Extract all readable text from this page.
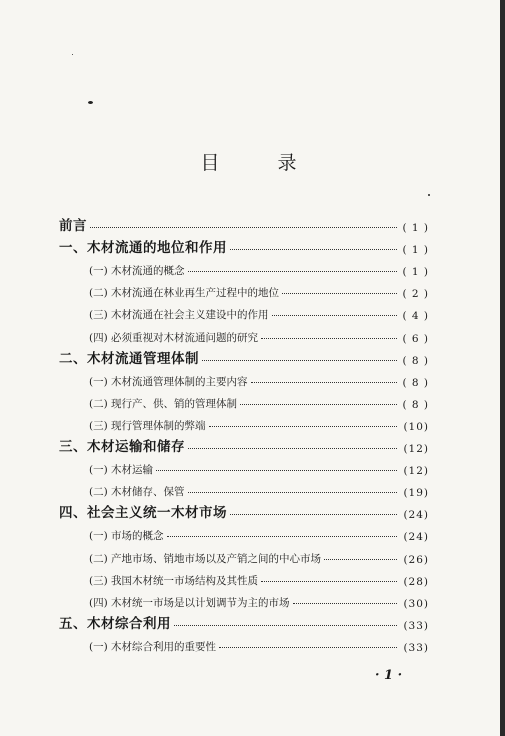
目 录
前言	( 1 )
一、木材流通的地位和作用	( 1 )
(一) 木材流通的概念	( 1 )
(二) 木材流通在林业再生产过程中的地位	( 2 )
(三) 木材流通在社会主义建设中的作用	( 4 )
(四) 必须重视对木材流通问题的研究	( 6 )
二、木材流通管理体制	( 8 )
(一) 木材流通管理体制的主要内容	( 8 )
(二) 现行产、供、销的管理体制	( 8 )
(三) 现行管理体制的弊端	(10)
三、木材运输和储存	(12)
(一) 木材运输	(12)
(二) 木材储存、保管	(19)
四、社会主义统一木材市场	(24)
(一) 市场的概念	(24)
(二) 产地市场、销地市场以及产销之间的中心市场	(26)
(三) 我国木材统一市场结构及其性质	(28)
(四) 木材统一市场是以计划调节为主的市场	(30)
五、木材综合利用	(33)
(一) 木材综合利用的重要性	(33)
· 1 ·
